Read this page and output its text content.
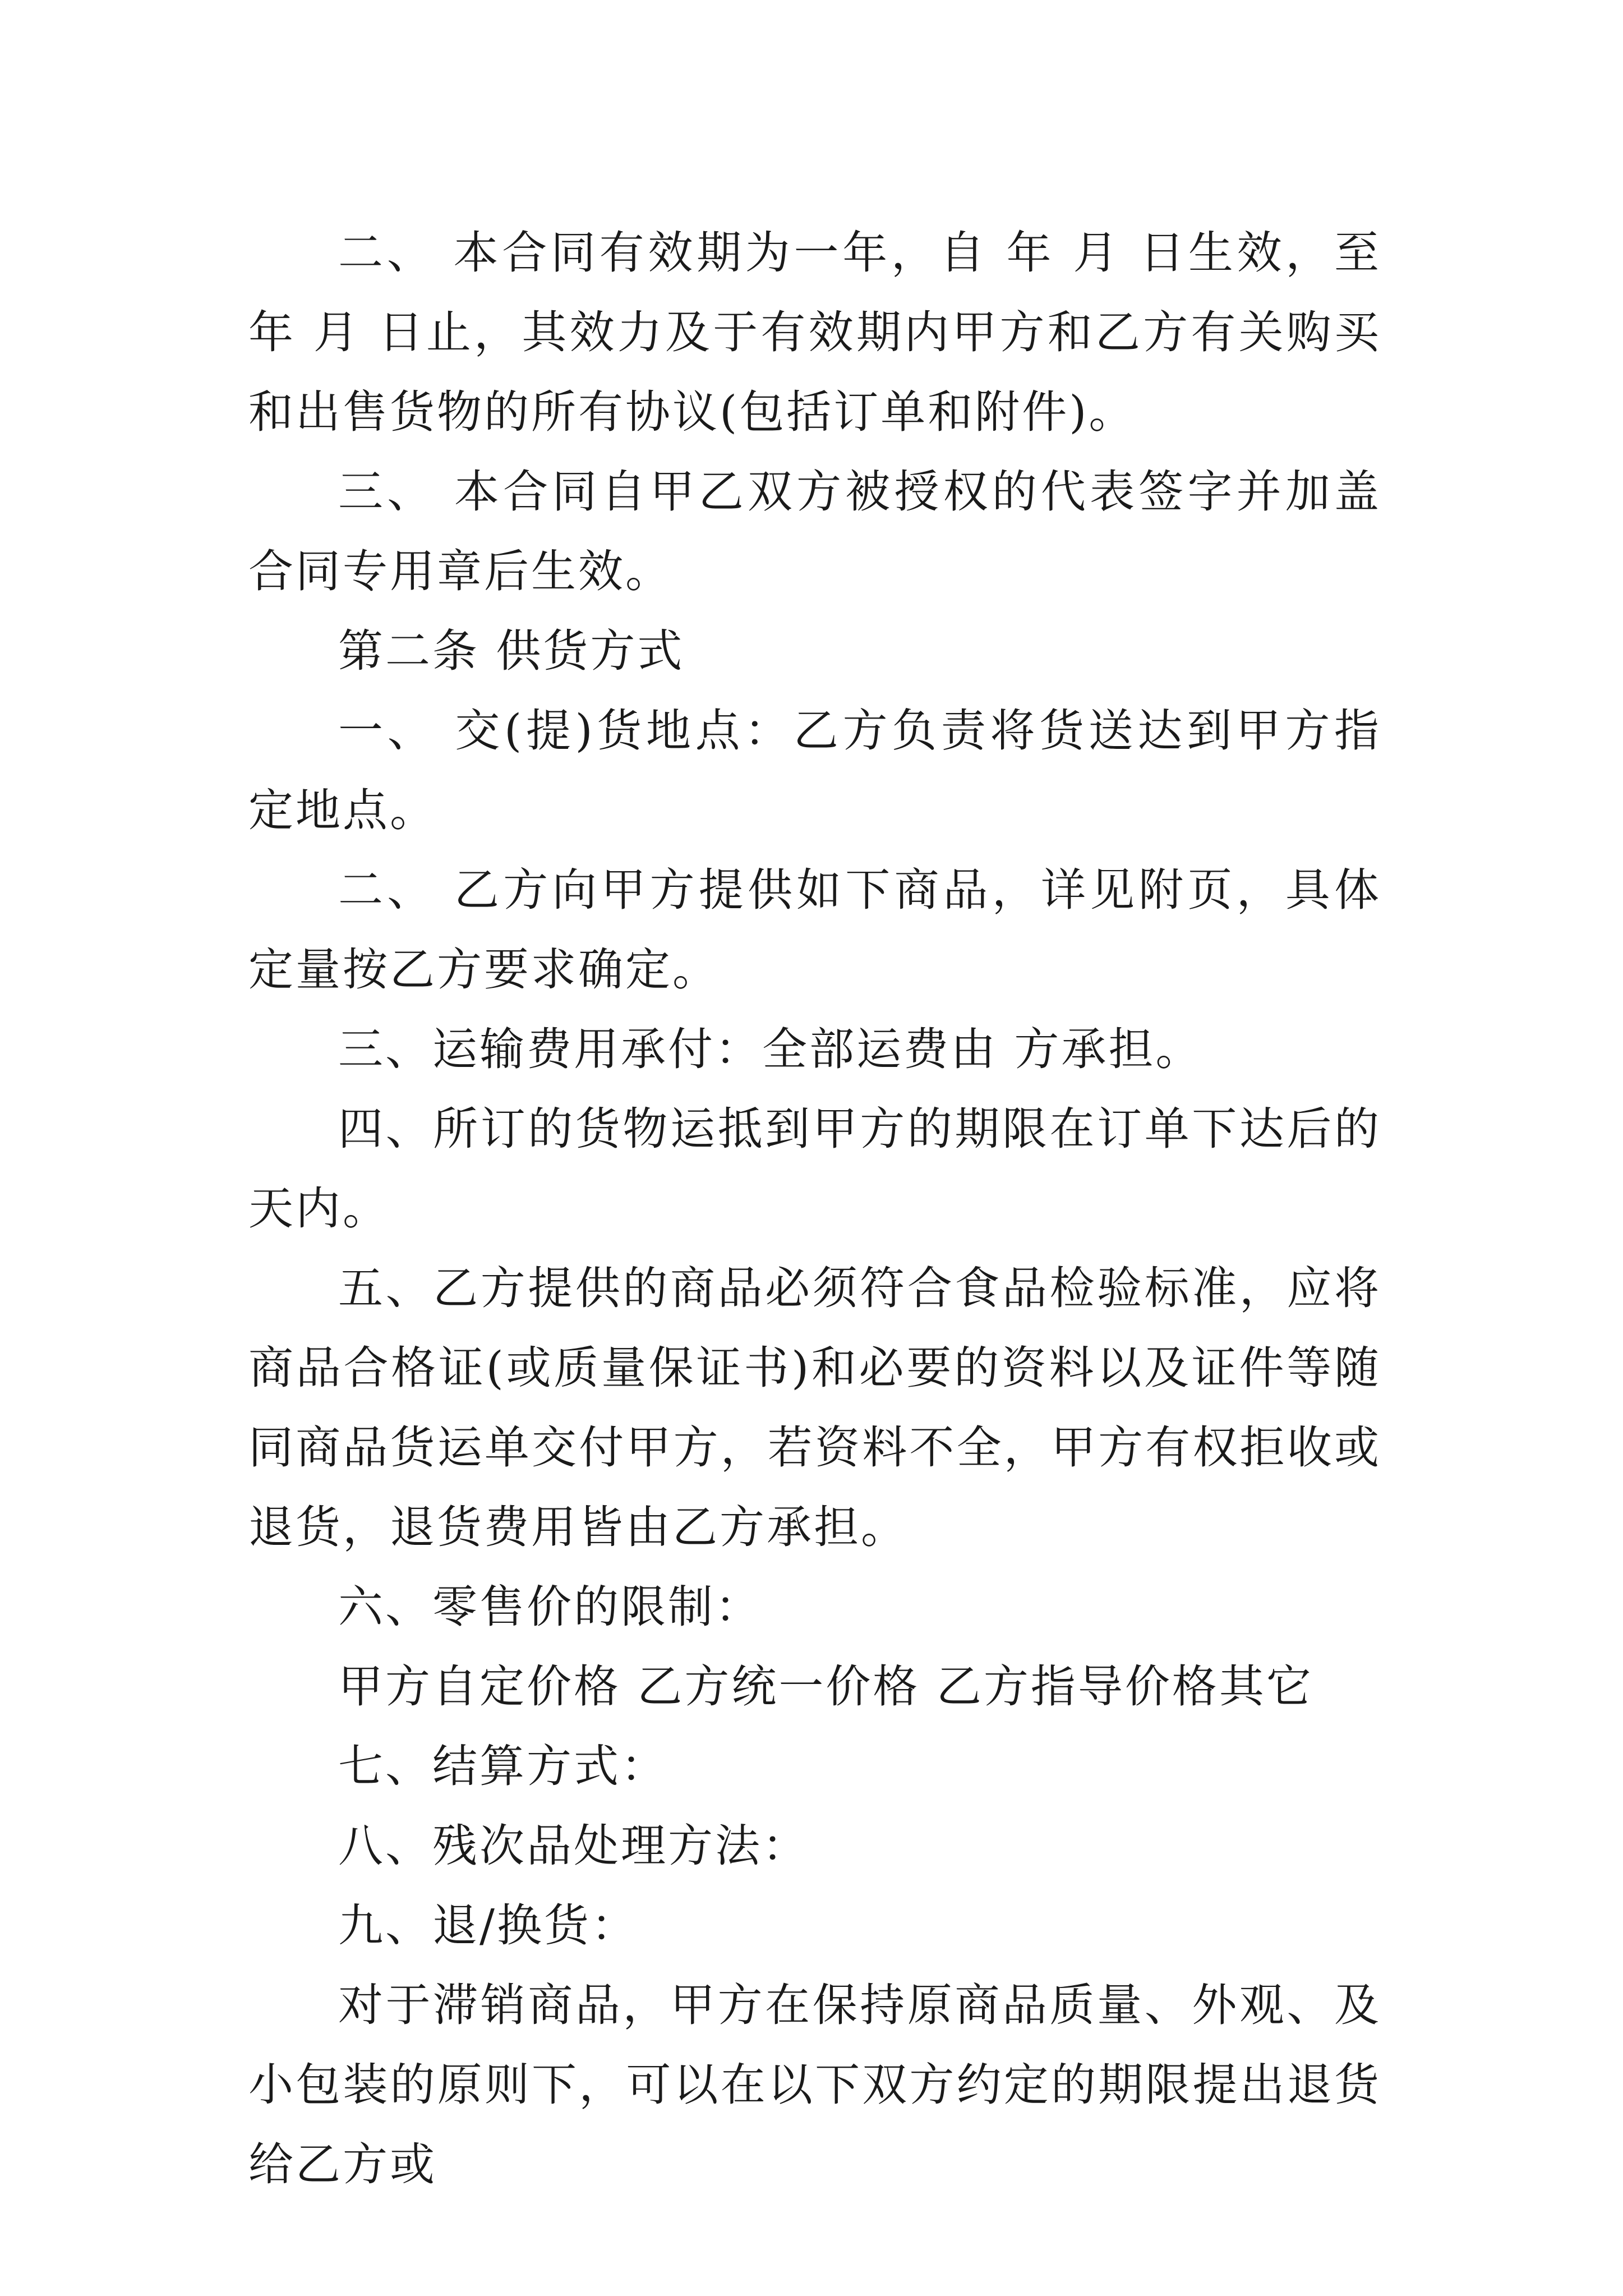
二、 本合同有效期为一年，自 年 月 日生效，至 年 月 日止，其效力及于有效期内甲方和乙方有关购买和出售货物的所有协议(包括订单和附件)。

三、 本合同自甲乙双方被授权的代表签字并加盖合同专用章后生效。

第二条 供货方式

一、 交(提)货地点：乙方负责将货送达到甲方指定地点。

二、 乙方向甲方提供如下商品，详见附页，具体定量按乙方要求确定。

三、运输费用承付：全部运费由 方承担。

四、所订的货物运抵到甲方的期限在订单下达后的 天内。

五、乙方提供的商品必须符合食品检验标准，应将商品合格证(或质量保证书)和必要的资料以及证件等随同商品货运单交付甲方，若资料不全，甲方有权拒收或退货，退货费用皆由乙方承担。

六、零售价的限制：

甲方自定价格 乙方统一价格 乙方指导价格其它

七、结算方式：

八、残次品处理方法：

九、退/换货：

对于滞销商品，甲方在保持原商品质量、外观、及小包装的原则下，可以在以下双方约定的期限提出退货给乙方或
